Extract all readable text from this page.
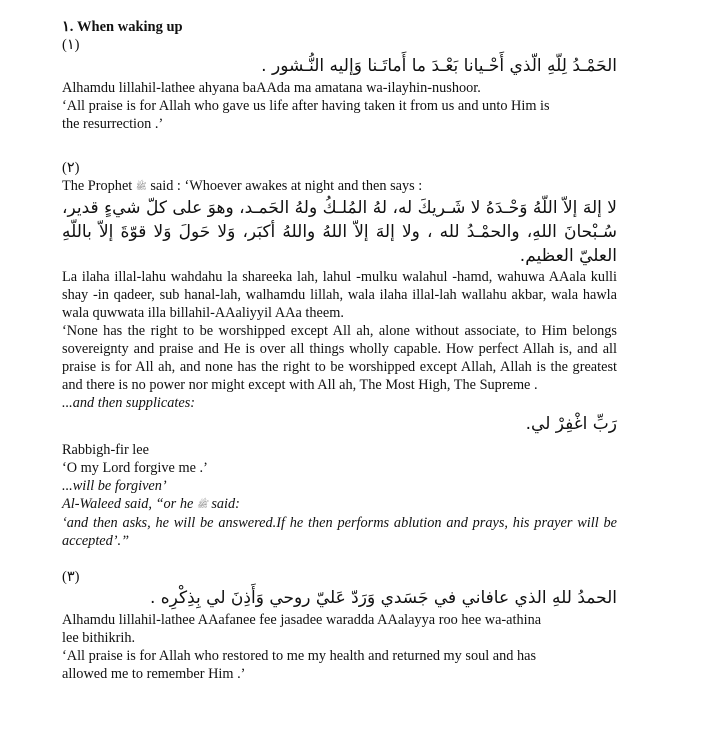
١. When waking up
(١)
الحَمْـدُ لِلّهِ الّذي أَحْـيانا بَعْـدَ ما أَماتَـنا وَإليه النُّـشور .
Alhamdu lillahil-lathee ahyana baAAda ma amatana wa-ilayhin-nushoor.
‘All praise is for Allah who gave us life after having taken it from us and unto Him is
the resurrection .’
(٢)
The Prophet ﷺ said : ‘Whoever awakes at night and then says :
لا إلهَ إلاّ اللّهُ وَحْـدَهُ لا شَـريكَ له، لهُ المُلـكُ ولهُ الحَمـد، وهوَ على كلّ شيءٍ قدير، سُـبْحانَ اللهِ، والحمْـدُ لله ، ولا إلهَ إلاّ اللهُ واللهُ أكبَر، وَلا حَولَ وَلا قوّةَ إلاّ باللّهِ العليّ العظيم.
La ilaha illal-lahu wahdahu la shareeka lah, lahul -mulku walahul -hamd, wahuwa AAala kulli shay -in qadeer, sub hanal-lah, walhamdu lillah, wala ilaha illal-lah wallahu akbar, wala hawla wala quwwata illa billahil-AAaliyyil AAa theem.
‘None has the right to be worshipped except All ah, alone without associate, to Him belongs sovereignty and praise and He is over all things wholly capable. How perfect Allah is, and all praise is for All ah, and none has the right to be worshipped except Allah, Allah is the greatest and there is no power nor might except with All ah, The Most High, The Supreme .
...and then supplicates:
رَبِّ اغْفِرْ لي.
Rabbigh-fir lee
‘O my Lord forgive me .’
...will be forgiven’
Al-Waleed said, “or he ﷺ said:
‘and then asks, he will be answered.If he then performs ablution and prays, his prayer will be accepted’.”
(٣)
الحمدُ للهِ الذي عافاني في جَسَدي وَرَدّ عَليّ روحي وَأَذِنَ لي بِذِكْرِه .
Alhamdu lillahil-lathee AAafanee fee jasadee waradda AAalayya roo hee wa-athina
lee bithikrih.
‘All praise is for Allah who restored to me my health and returned my soul and has
allowed me to remember Him .’
